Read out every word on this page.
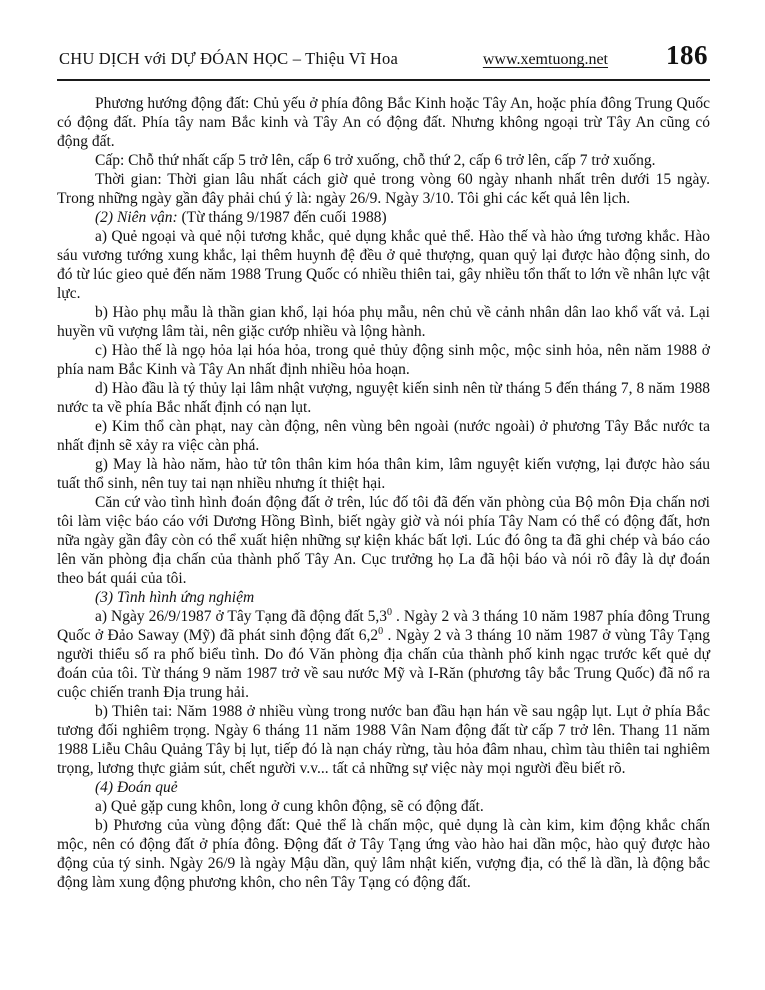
CHU DỊCH với DỰ ĐÓAN HỌC – Thiệu Vĩ Hoa	www.xemtuong.net 186

Phương hướng động đất: Chủ yếu ở phía đông Bắc Kinh hoặc Tây An, hoặc phía đông Trung Quốc có động đất. Phía tây nam Bắc kinh và Tây An có động đất. Nhưng không ngoại trừ Tây An cũng có động đất.

Cấp: Chỗ thứ nhất cấp 5 trở lên, cấp 6 trở xuống, chỗ thứ 2, cấp 6 trở lên, cấp 7 trở xuống.

Thời gian: Thời gian lâu nhất cách giờ quẻ trong vòng 60 ngày nhanh nhất trên dưới 15 ngày. Trong những ngày gần đây phải chú ý là: ngày 26/9. Ngày 3/10. Tôi ghi các kết quả lên lịch.

(2) Niên vận: (Từ tháng 9/1987 đến cuối 1988)

a) Quẻ ngoại và quẻ nội tương khắc, quẻ dụng khắc quẻ thể. Hào thế và hào ứng tương khắc. Hào sáu vương tướng xung khắc, lại thêm huynh đệ đều ở quẻ thượng, quan quỷ lại được hào động sinh, do đó từ lúc gieo quẻ đến năm 1988 Trung Quốc có nhiều thiên tai, gây nhiều tổn thất to lớn về nhân lực vật lực.

b) Hào phụ mẫu là thần gian khổ, lại hóa phụ mẫu, nên chủ về cảnh nhân dân lao khổ vất vả. Lại huyền vũ vượng lâm tài, nên giặc cướp nhiều và lộng hành.

c) Hào thế là ngọ hỏa lại hóa hỏa, trong quẻ thủy động sinh mộc, mộc sinh hỏa, nên năm 1988 ở phía nam Bắc Kinh và Tây An nhất định nhiều hỏa hoạn.

d) Hào đầu là tý thủy lại lâm nhật vượng, nguyệt kiến sinh nên từ tháng 5 đến tháng 7, 8 năm 1988 nước ta về phía Bắc nhất định có nạn lụt.

e) Kim thổ càn phạt, nay càn động, nên vùng bên ngoài (nước ngoài) ở phương Tây Bắc nước ta nhất định sẽ xảy ra việc càn phá.

g) May là hào năm, hào tử tôn thân kim hóa thân kim, lâm nguyệt kiến vượng, lại được hào sáu tuất thổ sinh, nên tuy tai nạn nhiều nhưng ít thiệt hại.

Căn cứ vào tình hình đoán động đất ở trên, lúc đố tôi đã đến văn phòng của Bộ môn Địa chấn nơi tôi làm việc báo cáo với Dương Hồng Bình, biết ngày giờ và nói phía Tây Nam có thể có động đất, hơn nữa ngày gần đây còn có thể xuất hiện những sự kiện khác bất lợi. Lúc đó ông ta đã ghi chép và báo cáo lên văn phòng địa chấn của thành phố Tây An. Cục trưởng họ La đã hội báo và nói rõ đây là dự đoán theo bát quái của tôi.

(3) Tình hình ứng nghiệm

a) Ngày 26/9/1987 ở Tây Tạng đã động đất $5,3^0$ . Ngày 2 và 3 tháng 10 năm 1987 phía đông Trung Quốc ở Đảo Saway (Mỹ) đã phát sinh động đất $6,2^0$ . Ngày 2 và 3 tháng 10 năm 1987 ở vùng Tây Tạng người thiểu số ra phố biểu tình. Do đó Văn phòng địa chấn của thành phố kinh ngạc trước kết quẻ dự đoán của tôi. Từ tháng 9 năm 1987 trở về sau nước Mỹ và I-Răn (phương tây bắc Trung Quốc) đã nổ ra cuộc chiến tranh Địa trung hải.

b) Thiên tai: Năm 1988 ở nhiều vùng trong nước ban đầu hạn hán về sau ngập lụt. Lụt ở phía Bắc tương đối nghiêm trọng. Ngày 6 tháng 11 năm 1988 Vân Nam động đất từ cấp 7 trở lên. Thang 11 năm 1988 Liễu Châu Quảng Tây bị lụt, tiếp đó là nạn cháy rừng, tàu hỏa đâm nhau, chìm tàu thiên tai nghiêm trọng, lương thực giảm sút, chết người v.v... tất cả những sự việc này mọi người đều biết rõ.

(4) Đoán quẻ

a) Quẻ gặp cung khôn, long ở cung khôn động, sẽ có động đất.

b) Phương của vùng động đất: Quẻ thể là chấn mộc, quẻ dụng là càn kim, kim động khắc chấn mộc, nên có động đất ở phía đông. Động đất ở Tây Tạng ứng vào hào hai dần mộc, hào quỷ được hào động của tý sinh. Ngày 26/9 là ngày Mậu dần, quỷ lâm nhật kiến, vượng địa, có thể là dần, là động bắc động làm xung động phương khôn, cho nên Tây Tạng có động đất.
